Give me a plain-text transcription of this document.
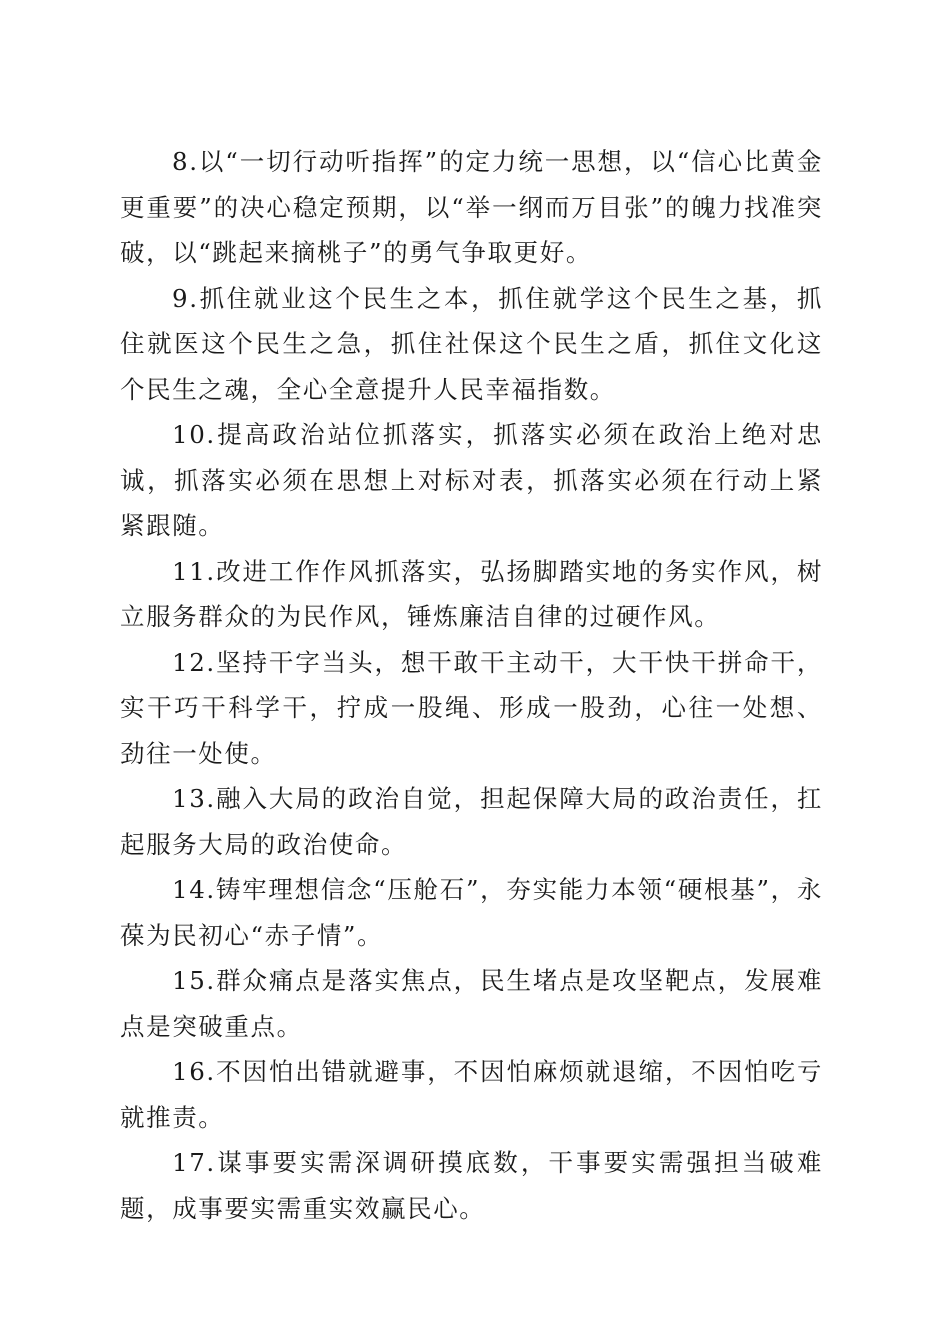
8.以“一切行动听指挥”的定力统一思想，以“信心比黄金更重要”的决心稳定预期，以“举一纲而万目张”的魄力找准突破，以“跳起来摘桃子”的勇气争取更好。

9.抓住就业这个民生之本，抓住就学这个民生之基，抓住就医这个民生之急，抓住社保这个民生之盾，抓住文化这个民生之魂，全心全意提升人民幸福指数。

10.提高政治站位抓落实，抓落实必须在政治上绝对忠诚，抓落实必须在思想上对标对表，抓落实必须在行动上紧紧跟随。

11.改进工作作风抓落实，弘扬脚踏实地的务实作风，树立服务群众的为民作风，锤炼廉洁自律的过硬作风。

12.坚持干字当头，想干敢干主动干，大干快干拼命干，实干巧干科学干，拧成一股绳、形成一股劲，心往一处想、劲往一处使。

13.融入大局的政治自觉，担起保障大局的政治责任，扛起服务大局的政治使命。

14.铸牢理想信念“压舱石”，夯实能力本领“硬根基”，永葆为民初心“赤子情”。

15.群众痛点是落实焦点，民生堵点是攻坚靶点，发展难点是突破重点。

16.不因怕出错就避事，不因怕麻烦就退缩，不因怕吃亏就推责。

17.谋事要实需深调研摸底数，干事要实需强担当破难题，成事要实需重实效赢民心。
